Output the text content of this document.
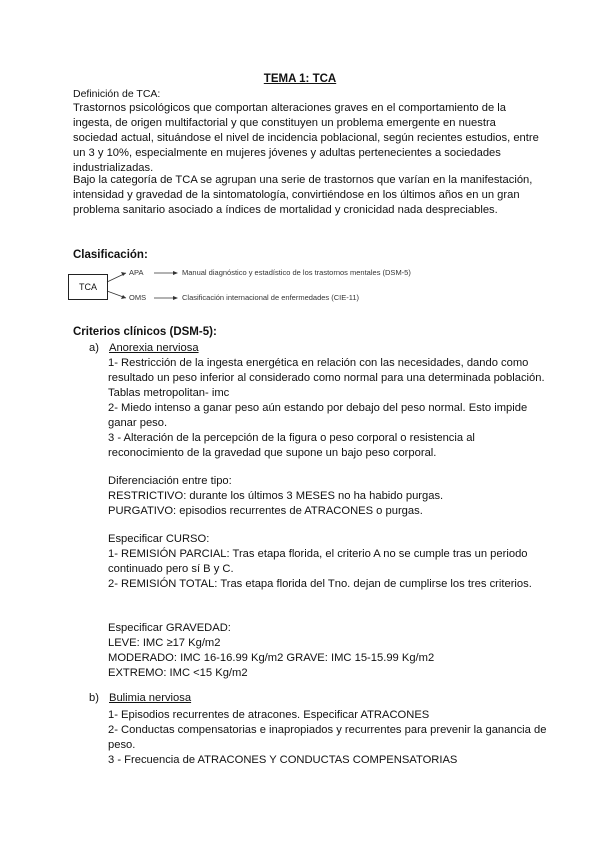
TEMA 1: TCA
Definición de TCA:
Trastornos psicológicos que comportan alteraciones graves en el comportamiento de la ingesta, de origen multifactorial y que constituyen un problema emergente en nuestra sociedad actual, situándose el nivel de incidencia poblacional, según recientes estudios, entre un 3 y 10%, especialmente en mujeres jóvenes y adultas pertenecientes a sociedades industrializadas.
Bajo la categoría de TCA se agrupan una serie de trastornos que varían en la manifestación, intensidad y gravedad de la sintomatología, convirtiéndose en los últimos años en un gran problema sanitario asociado a índices de mortalidad y cronicidad nada despreciables.
Clasificación:
TCA
APA	Manual diagnóstico y estadístico de los trastornos mentales (DSM-5)
OMS	Clasificación internacional de enfermedades (CIE-11)
Criterios clínicos (DSM-5):
a) Anorexia nerviosa
1- Restricción de la ingesta energética en relación con las necesidades, dando como resultado un peso inferior al considerado como normal para una determinada población. Tablas metropolitan- imc
2- Miedo intenso a ganar peso aún estando por debajo del peso normal. Esto impide ganar peso.
3 - Alteración de la percepción de la figura o peso corporal o resistencia al reconocimiento de la gravedad que supone un bajo peso corporal.
Diferenciación entre tipo:
RESTRICTIVO: durante los últimos 3 MESES no ha habido purgas.
PURGATIVO: episodios recurrentes de ATRACONES o purgas.
Especificar CURSO:
1- REMISIÓN PARCIAL: Tras etapa florida, el criterio A no se cumple tras un periodo continuado pero sí B y C.
2- REMISIÓN TOTAL: Tras etapa florida del Tno. dejan de cumplirse los tres criterios.
Especificar GRAVEDAD:
LEVE: IMC ≥17 Kg/m2
MODERADO: IMC 16-16.99 Kg/m2 GRAVE: IMC 15-15.99 Kg/m2
EXTREMO: IMC <15 Kg/m2
b) Bulimia nerviosa
1- Episodios recurrentes de atracones. Especificar ATRACONES
2- Conductas compensatorias e inapropiados y recurrentes para prevenir la ganancia de peso.
3 - Frecuencia de ATRACONES Y CONDUCTAS COMPENSATORIAS
